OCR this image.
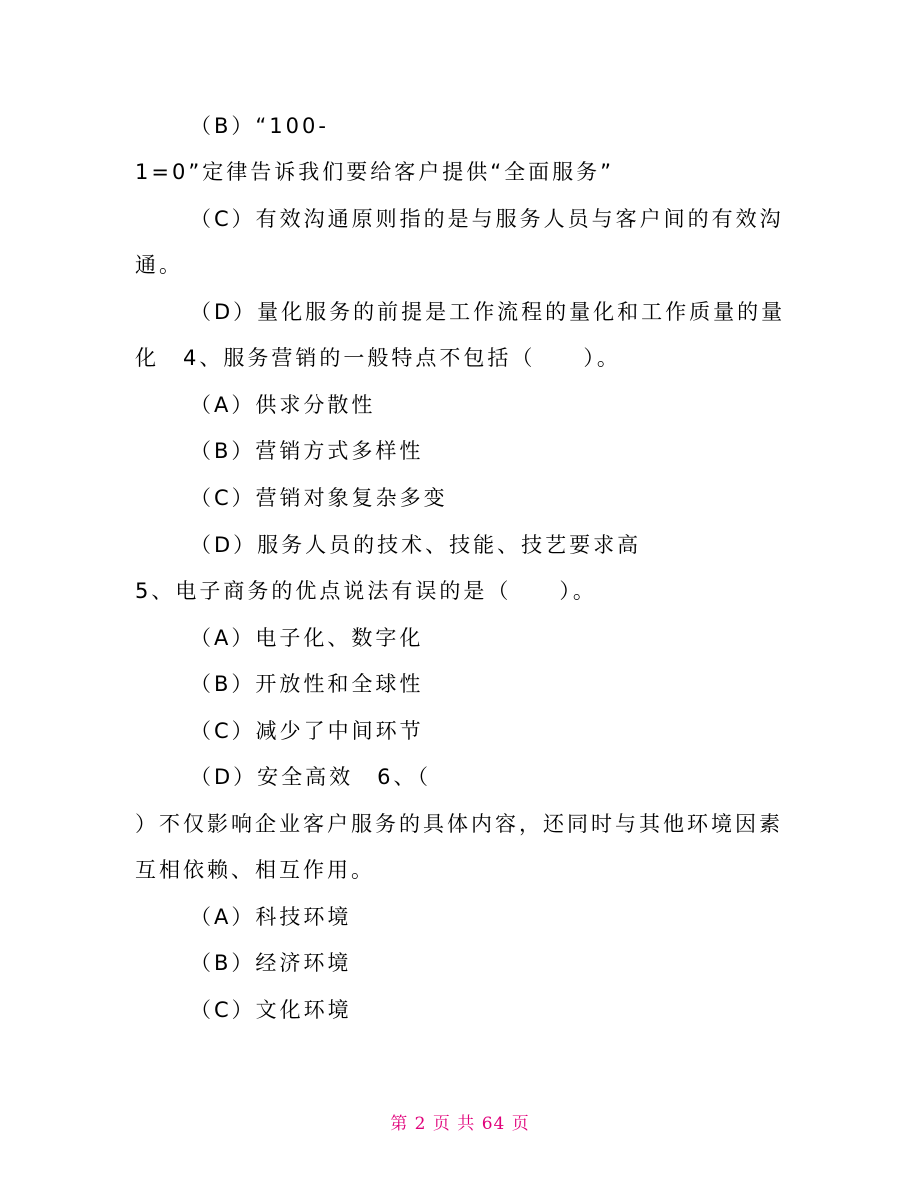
（B）“100-
1=0”定律告诉我们要给客户提供“全面服务”
（C）有效沟通原则指的是与服务人员与客户间的有效沟
通。
（D）量化服务的前提是工作流程的量化和工作质量的量
化　4、服务营销的一般特点不包括（　　）。
（A）供求分散性
（B）营销方式多样性
（C）营销对象复杂多变
（D）服务人员的技术、技能、技艺要求高
5、电子商务的优点说法有误的是（　　）。
（A）电子化、数字化
（B）开放性和全球性
（C）减少了中间环节
（D）安全高效　6、（
）不仅影响企业客户服务的具体内容，还同时与其他环境因素
互相依赖、相互作用。
（A）科技环境
（B）经济环境
（C）文化环境
第 2 页 共 64 页
